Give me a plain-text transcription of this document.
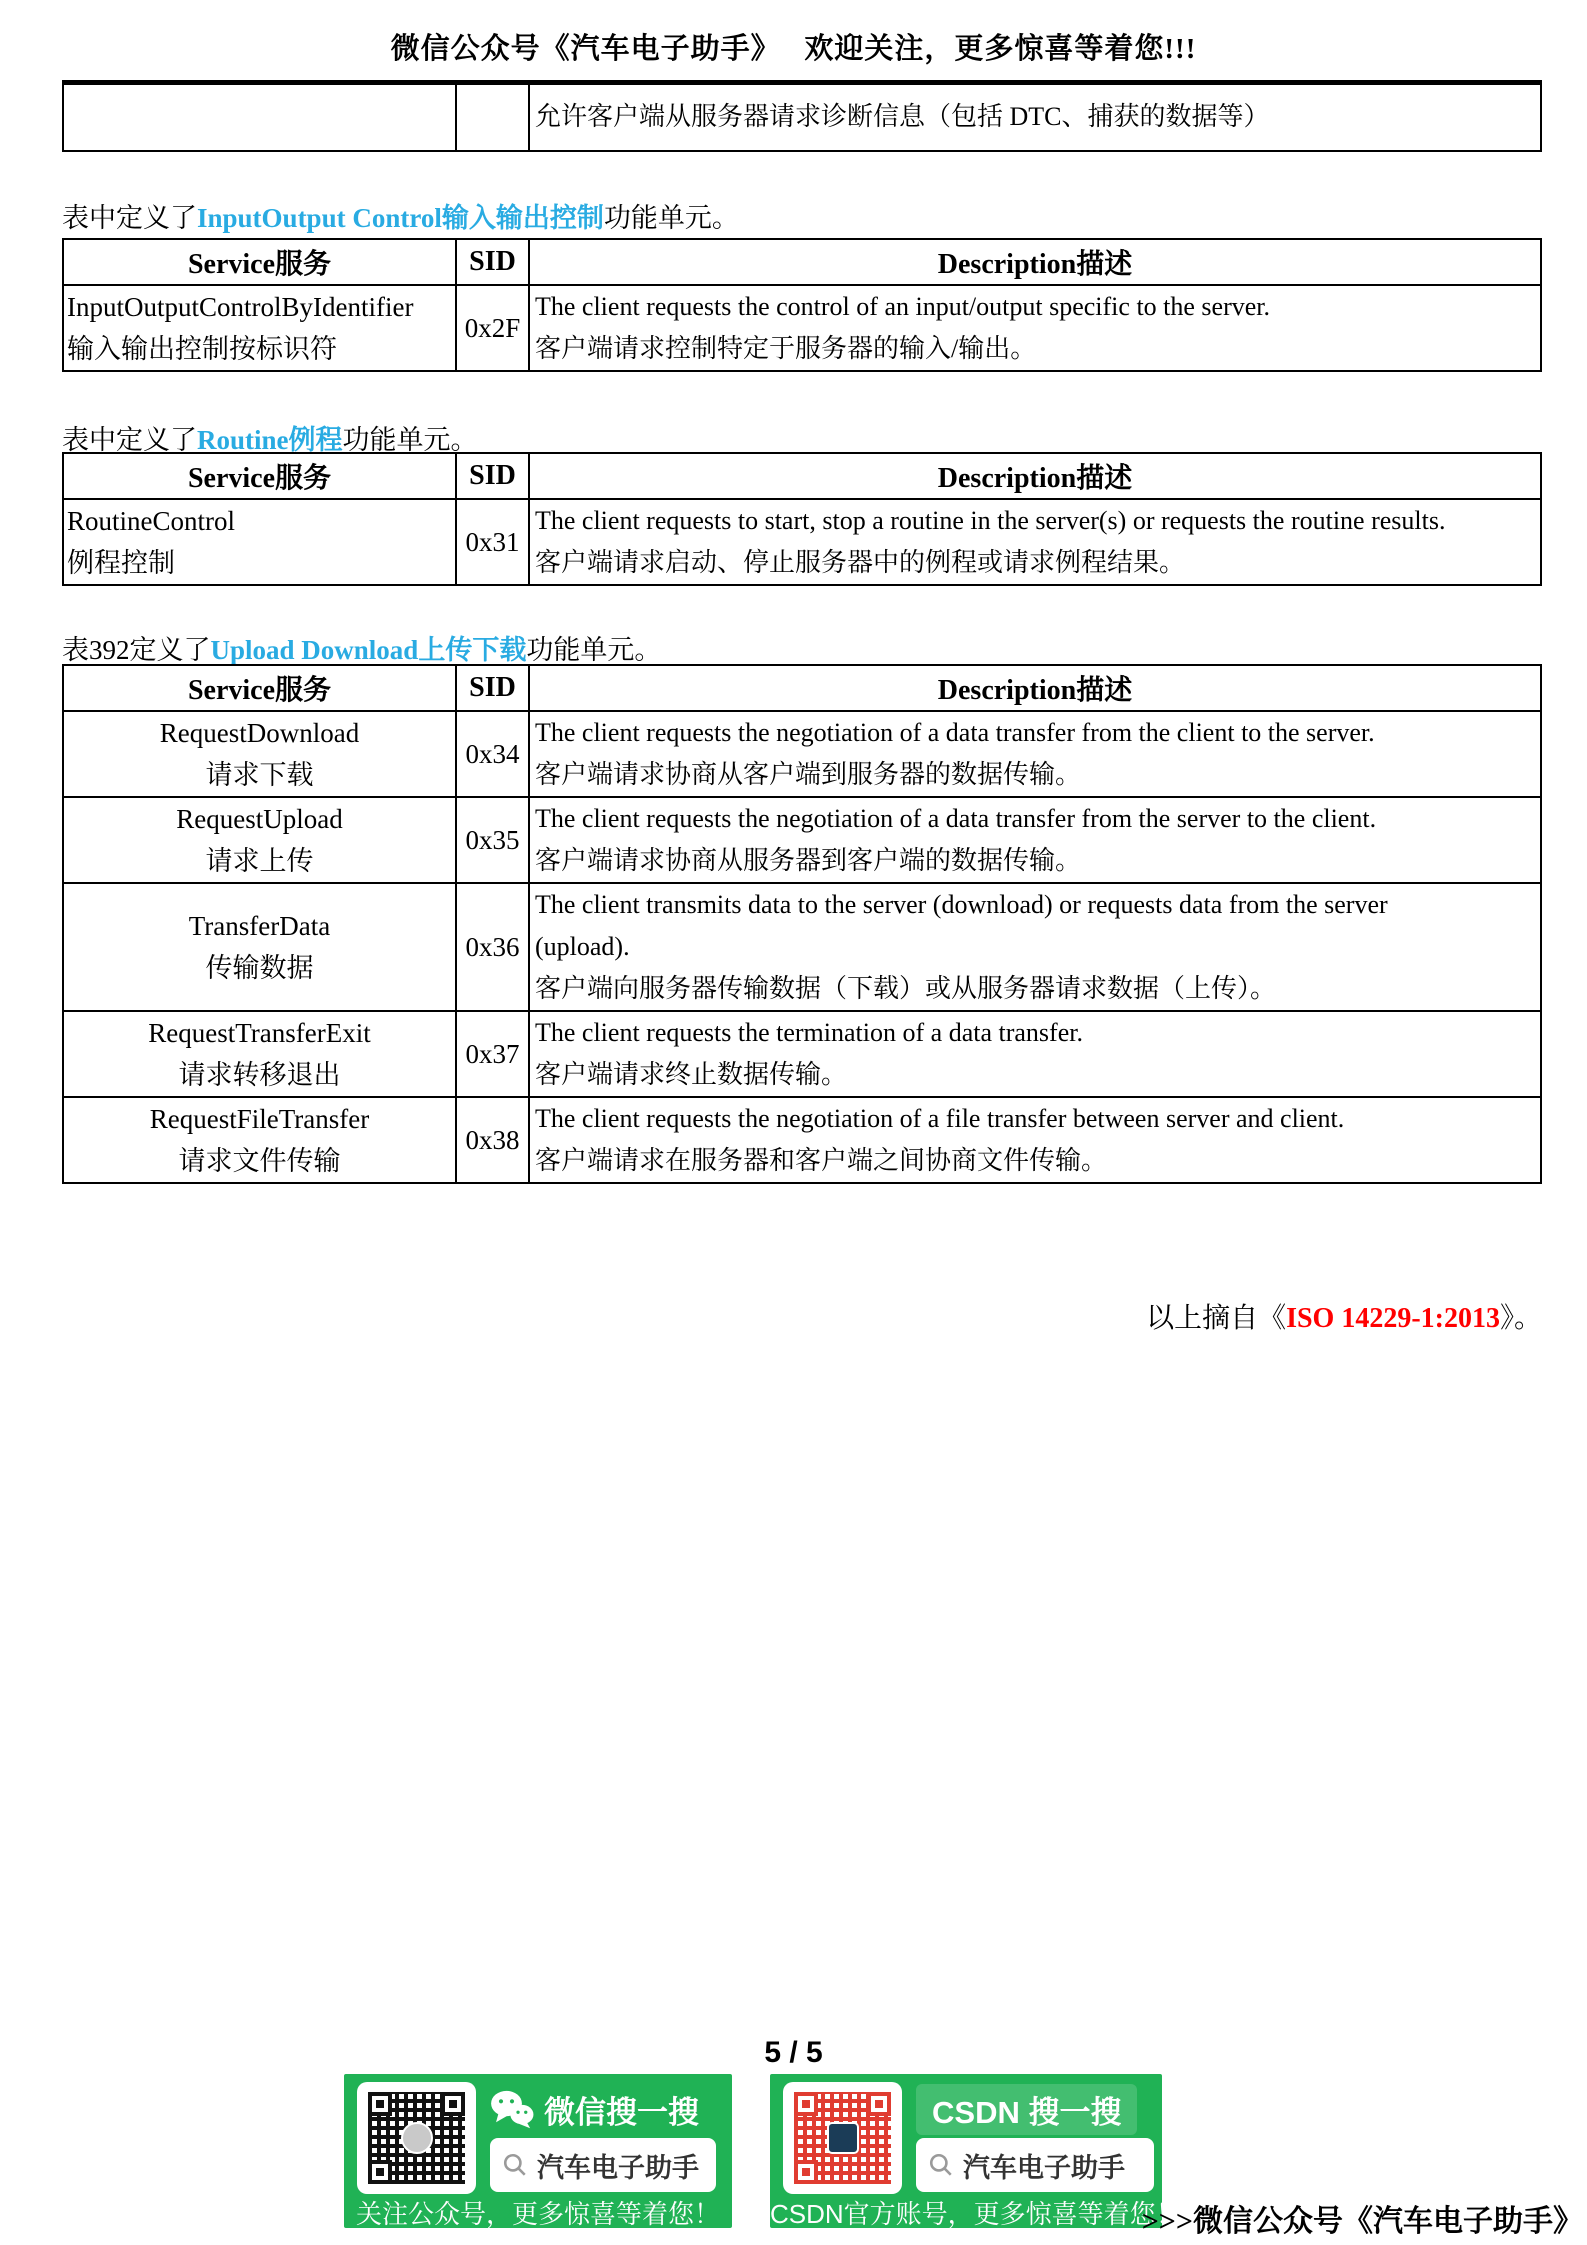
微信公众号《汽车电子助手》　 欢迎关注，更多惊喜等着您!!!

允许客户端从服务器请求诊断信息（包括 DTC、捕获的数据等）
表中定义了InputOutput Control输入输出控制功能单元。
Service服务	SID	Description描述

InputOutputControlByIdentifier
输入输出控制按标识符
	0x2F	
The client requests the control of an input/output specific to the server.
客户端请求控制特定于服务器的输入/输出。
表中定义了Routine例程功能单元。
Service服务	SID	Description描述

RoutineControl
例程控制
	0x31	
The client requests to start, stop a routine in the server(s) or requests the routine results.
客户端请求启动、停止服务器中的例程或请求例程结果。
表392定义了Upload Download上传下载功能单元。
Service服务	SID	Description描述

RequestDownload
请求下载
	0x34	
The client requests the negotiation of a data transfer from the client to the server.
客户端请求协商从客户端到服务器的数据传输。

RequestUpload
请求上传
	0x35	
The client requests the negotiation of a data transfer from the server to the client.
客户端请求协商从服务器到客户端的数据传输。

TransferData
传输数据
	0x36	
The client transmits data to the server (download) or requests data from the server
(upload).
客户端向服务器传输数据（下载）或从服务器请求数据（上传）。

RequestTransferExit
请求转移退出
	0x37	
The client requests the termination of a data transfer.
客户端请求终止数据传输。

RequestFileTransfer
请求文件传输
	0x38	
The client requests the negotiation of a file transfer between server and client.
客户端请求在服务器和客户端之间协商文件传输。
以上摘自《ISO 14229-1:2013》。
5 / 5
微信搜一搜
汽车电子助手
关注公众号，更多惊喜等着您！
CSDN 搜一搜
汽车电子助手
CSDN官方账号，更多惊喜等着您！
>>>微信公众号《汽车电子助手》
